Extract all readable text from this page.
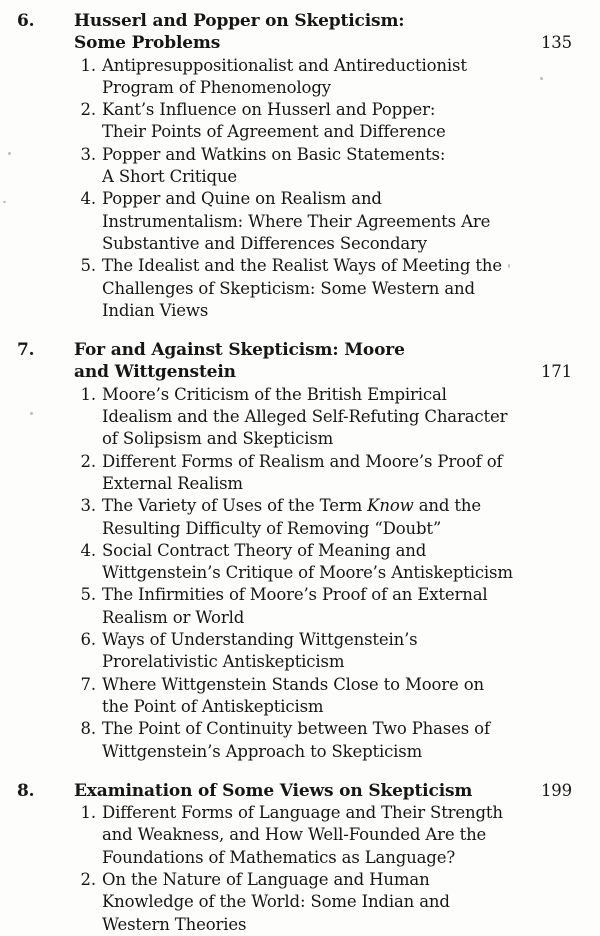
6. Husserl and Popper on Skepticism:
Some Problems	135
1. Antipresuppositionalist and Antireductionist
Program of Phenomenology
2. Kant’s Influence on Husserl and Popper:
Their Points of Agreement and Difference
3. Popper and Watkins on Basic Statements:
A Short Critique
4. Popper and Quine on Realism and
Instrumentalism: Where Their Agreements Are
Substantive and Differences Secondary
5. The Idealist and the Realist Ways of Meeting the
Challenges of Skepticism: Some Western and
Indian Views
7. For and Against Skepticism: Moore
and Wittgenstein	171
1. Moore’s Criticism of the British Empirical
Idealism and the Alleged Self-Refuting Character
of Solipsism and Skepticism
2. Different Forms of Realism and Moore’s Proof of
External Realism
3. The Variety of Uses of the Term Know and the
Resulting Difficulty of Removing “Doubt”
4. Social Contract Theory of Meaning and
Wittgenstein’s Critique of Moore’s Antiskepticism
5. The Infirmities of Moore’s Proof of an External
Realism or World
6. Ways of Understanding Wittgenstein’s
Prorelativistic Antiskepticism
7. Where Wittgenstein Stands Close to Moore on
the Point of Antiskepticism
8. The Point of Continuity between Two Phases of
Wittgenstein’s Approach to Skepticism
8. Examination of Some Views on Skepticism	199
1. Different Forms of Language and Their Strength
and Weakness, and How Well-Founded Are the
Foundations of Mathematics as Language?
2. On the Nature of Language and Human
Knowledge of the World: Some Indian and
Western Theories
